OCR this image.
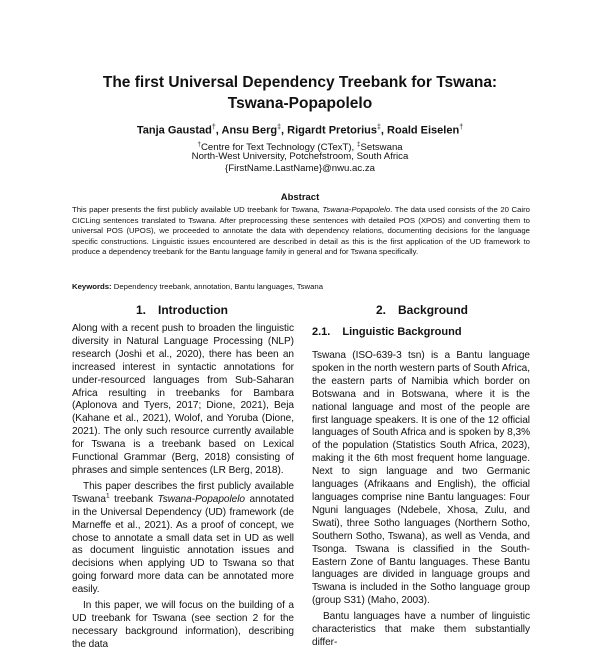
The first Universal Dependency Treebank for Tswana:
Tswana-Popapolelo
Tanja Gaustad†, Ansu Berg‡, Rigardt Pretorius‡, Roald Eiselen†
†Centre for Text Technology (CTexT), ‡Setswana
North-West University, Potchefstroom, South Africa
{FirstName.LastName}@nwu.ac.za
Abstract
This paper presents the first publicly available UD treebank for Tswana, Tswana-Popapolelo. The data used consists of the 20 Cairo CICLing sentences translated to Tswana. After preprocessing these sentences with detailed POS (XPOS) and converting them to universal POS (UPOS), we proceeded to annotate the data with dependency relations, documenting decisions for the language specific constructions. Linguistic issues encountered are described in detail as this is the first application of the UD framework to produce a dependency treebank for the Bantu language family in general and for Tswana specifically.
Keywords: Dependency treebank, annotation, Bantu languages, Tswana
1. Introduction	2. Background
2.1. Linguistic Background

Along with a recent push to broaden the linguistic diversity in Natural Language Processing (NLP) research (Joshi et al., 2020), there has been an increased interest in syntactic annotations for under-resourced languages from Sub-Saharan Africa resulting in treebanks for Bambara (Aplonova and Tyers, 2017; Dione, 2021), Beja (Kahane et al., 2021), Wolof, and Yoruba (Dione, 2021). The only such resource currently available for Tswana is a treebank based on Lexical Functional Grammar (Berg, 2018) consisting of phrases and simple sentences (LR Berg, 2018).

This paper describes the first publicly available Tswana$^1$ treebank Tswana-Popapolelo annotated in the Universal Dependency (UD) framework (de Marneffe et al., 2021). As a proof of concept, we chose to annotate a small data set in UD as well as document linguistic annotation issues and decisions when applying UD to Tswana so that going forward more data can be annotated more easily.

In this paper, we will focus on the building of a UD treebank for Tswana (see section 2 for the necessary background information), describing the data

Tswana (ISO-639-3 tsn) is a Bantu language spoken in the north western parts of South Africa, the eastern parts of Namibia which border on Botswana and in Botswana, where it is the national language and most of the people are first language speakers. It is one of the 12 official languages of South Africa and is spoken by 8,3% of the population (Statistics South Africa, 2023), making it the 6th most frequent home language. Next to sign language and two Germanic languages (Afrikaans and English), the official languages comprise nine Bantu languages: Four Nguni languages (Ndebele, Xhosa, Zulu, and Swati), three Sotho languages (Northern Sotho, Southern Sotho, Tswana), as well as Venda, and Tsonga. Tswana is classified in the South-Eastern Zone of Bantu languages. These Bantu languages are divided in language groups and Tswana is included in the Sotho language group (group S31) (Maho, 2003).

Bantu languages have a number of linguistic characteristics that make them substantially differ-
